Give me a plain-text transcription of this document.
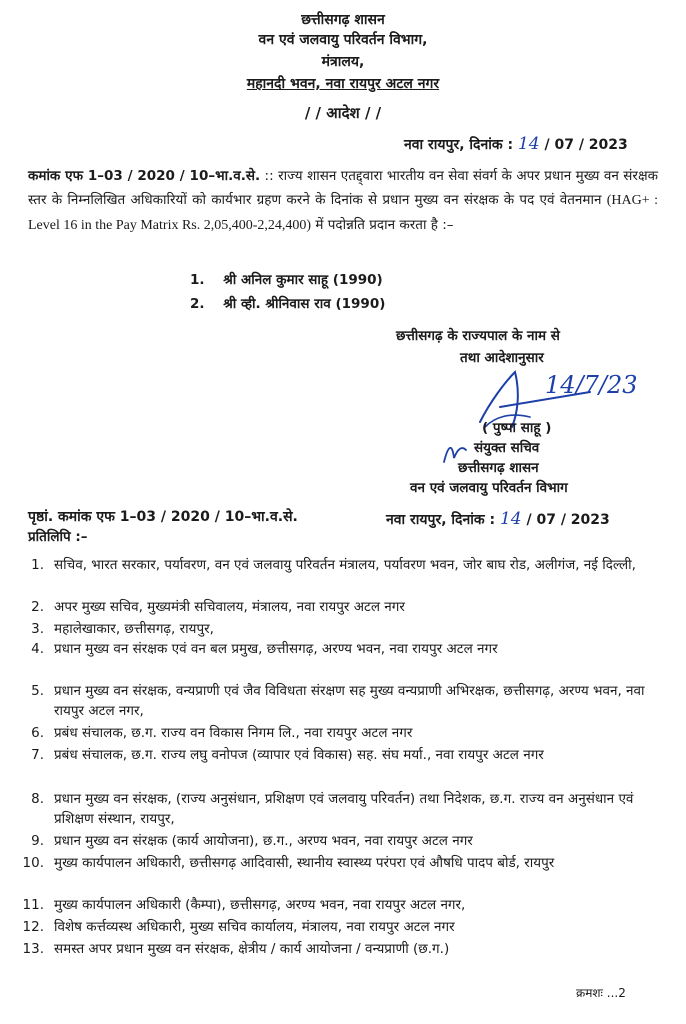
छत्तीसगढ़ शासन
वन एवं जलवायु परिवर्तन विभाग,
मंत्रालय,
महानदी भवन, नवा रायपुर अटल नगर
/ / आदेश / /
नवा रायपुर, दिनांक : 14 / 07 / 2023
कमांक एफ 1–03 / 2020 / 10–भा.व.से. :: राज्य शासन एतद्द्वारा भारतीय वन सेवा संवर्ग के अपर प्रधान मुख्य वन संरक्षक स्तर के निम्नलिखित अधिकारियों को कार्यभार ग्रहण करने के दिनांक से प्रधान मुख्य वन संरक्षक के पद एवं वेतनमान (HAG+ : Level 16 in the Pay Matrix Rs. 2,05,400-2,24,400) में पदोन्नति प्रदान करता है :–
1. श्री अनिल कुमार साहू (1990)
2. श्री व्ही. श्रीनिवास राव (1990)
छत्तीसगढ़ के राज्यपाल के नाम से
तथा आदेशानुसार
14/7/23
( पुष्पा साहू )
संयुक्त सचिव
छत्तीसगढ़ शासन
वन एवं जलवायु परिवर्तन विभाग
पृष्ठां. कमांक एफ 1–03 / 2020 / 10–भा.व.से.	नवा रायपुर, दिनांक : 14 / 07 / 2023
प्रतिलिपि :–
1. सचिव, भारत सरकार, पर्यावरण, वन एवं जलवायु परिवर्तन मंत्रालय, पर्यावरण भवन, जोर बाघ रोड, अलीगंज, नई दिल्ली,
2. अपर मुख्य सचिव, मुख्यमंत्री सचिवालय, मंत्रालय, नवा रायपुर अटल नगर
3. महालेखाकार, छत्तीसगढ़, रायपुर,
4. प्रधान मुख्य वन संरक्षक एवं वन बल प्रमुख, छत्तीसगढ़, अरण्य भवन, नवा रायपुर अटल नगर
5. प्रधान मुख्य वन संरक्षक, वन्यप्राणी एवं जैव विविधता संरक्षण सह मुख्य वन्यप्राणी अभिरक्षक, छत्तीसगढ़, अरण्य भवन, नवा रायपुर अटल नगर,
6. प्रबंध संचालक, छ.ग. राज्य वन विकास निगम लि., नवा रायपुर अटल नगर
7. प्रबंध संचालक, छ.ग. राज्य लघु वनोपज (व्यापार एवं विकास) सह. संघ मर्या., नवा रायपुर अटल नगर
8. प्रधान मुख्य वन संरक्षक, (राज्य अनुसंधान, प्रशिक्षण एवं जलवायु परिवर्तन) तथा निदेशक, छ.ग. राज्य वन अनुसंधान एवं प्रशिक्षण संस्थान, रायपुर,
9. प्रधान मुख्य वन संरक्षक (कार्य आयोजना), छ.ग., अरण्य भवन, नवा रायपुर अटल नगर
10. मुख्य कार्यपालन अधिकारी, छत्तीसगढ़ आदिवासी, स्थानीय स्वास्थ्य परंपरा एवं औषधि पादप बोर्ड, रायपुर
11. मुख्य कार्यपालन अधिकारी (कैम्पा), छत्तीसगढ़, अरण्य भवन, नवा रायपुर अटल नगर,
12. विशेष कर्त्तव्यस्थ अधिकारी, मुख्य सचिव कार्यालय, मंत्रालय, नवा रायपुर अटल नगर
13. समस्त अपर प्रधान मुख्य वन संरक्षक, क्षेत्रीय / कार्य आयोजना / वन्यप्राणी (छ.ग.)
क्रमशः ...2
